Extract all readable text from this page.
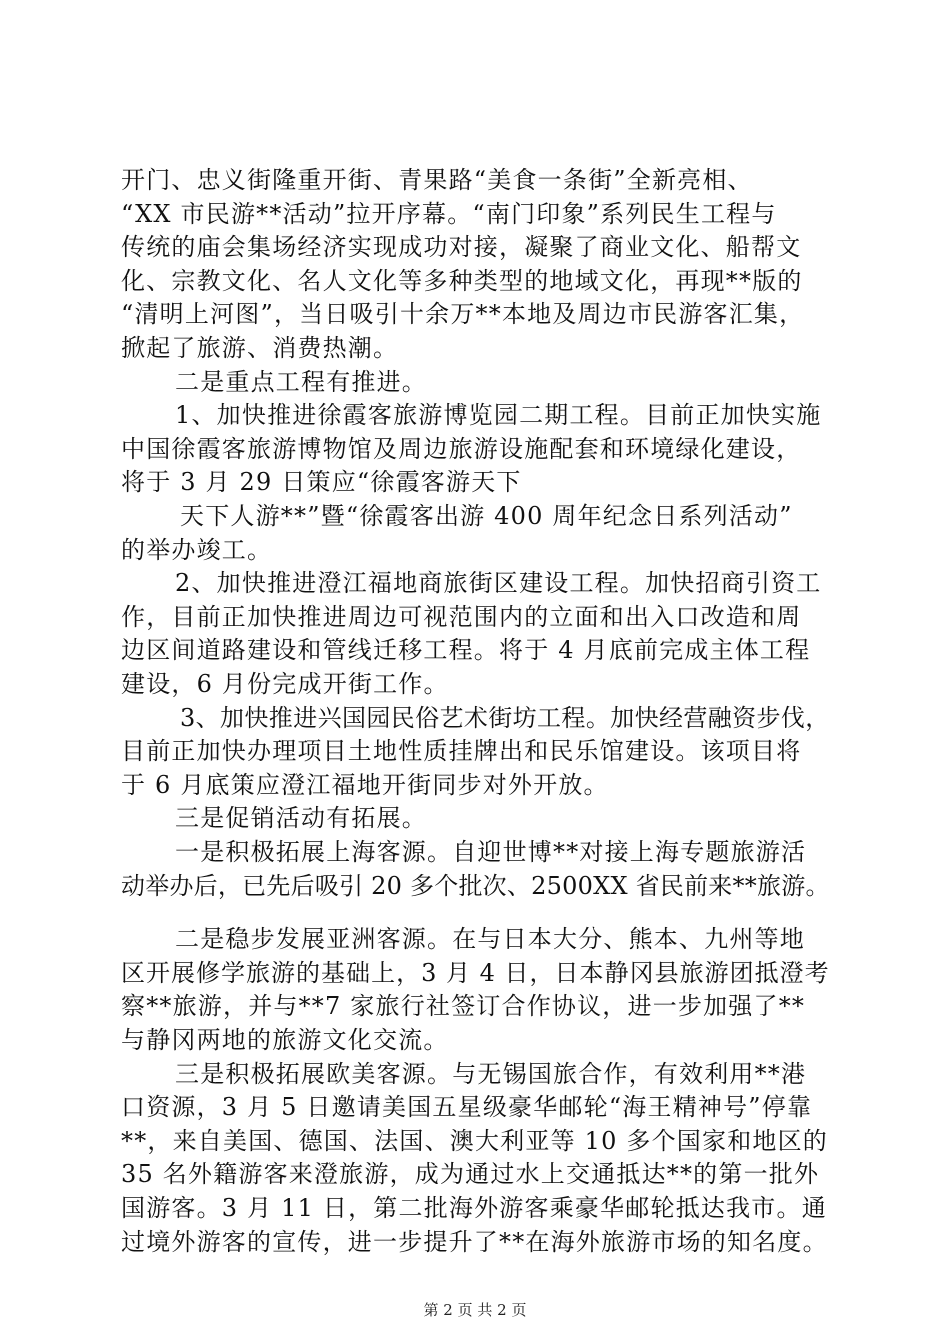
开门、忠义街隆重开街、青果路“美食一条街”全新亮相、
“XX 市民游**活动”拉开序幕。“南门印象”系列民生工程与
传统的庙会集场经济实现成功对接，凝聚了商业文化、船帮文
化、宗教文化、名人文化等多种类型的地域文化，再现**版的
“清明上河图”，当日吸引十余万**本地及周边市民游客汇集，
掀起了旅游、消费热潮。
二是重点工程有推进。
1、加快推进徐霞客旅游博览园二期工程。目前正加快实施
中国徐霞客旅游博物馆及周边旅游设施配套和环境绿化建设，
将于 3 月 29 日策应“徐霞客游天下
天下人游**”暨“徐霞客出游 400 周年纪念日系列活动”
的举办竣工。
2、加快推进澄江福地商旅街区建设工程。加快招商引资工
作，目前正加快推进周边可视范围内的立面和出入口改造和周
边区间道路建设和管线迁移工程。将于 4 月底前完成主体工程
建设，6 月份完成开街工作。
3、加快推进兴国园民俗艺术街坊工程。加快经营融资步伐，
目前正加快办理项目土地性质挂牌出和民乐馆建设。该项目将
于 6 月底策应澄江福地开街同步对外开放。
三是促销活动有拓展。
一是积极拓展上海客源。自迎世博**对接上海专题旅游活
动举办后，已先后吸引 20 多个批次、2500XX 省民前来**旅游。
二是稳步发展亚洲客源。在与日本大分、熊本、九州等地
区开展修学旅游的基础上，3 月 4 日，日本静冈县旅游团抵澄考
察**旅游，并与**7 家旅行社签订合作协议，进一步加强了**
与静冈两地的旅游文化交流。
三是积极拓展欧美客源。与无锡国旅合作，有效利用**港
口资源，3 月 5 日邀请美国五星级豪华邮轮“海王精神号”停靠
**，来自美国、德国、法国、澳大利亚等 10 多个国家和地区的
35 名外籍游客来澄旅游，成为通过水上交通抵达**的第一批外
国游客。3 月 11 日，第二批海外游客乘豪华邮轮抵达我市。通
过境外游客的宣传，进一步提升了**在海外旅游市场的知名度。
第 2 页 共 2 页
